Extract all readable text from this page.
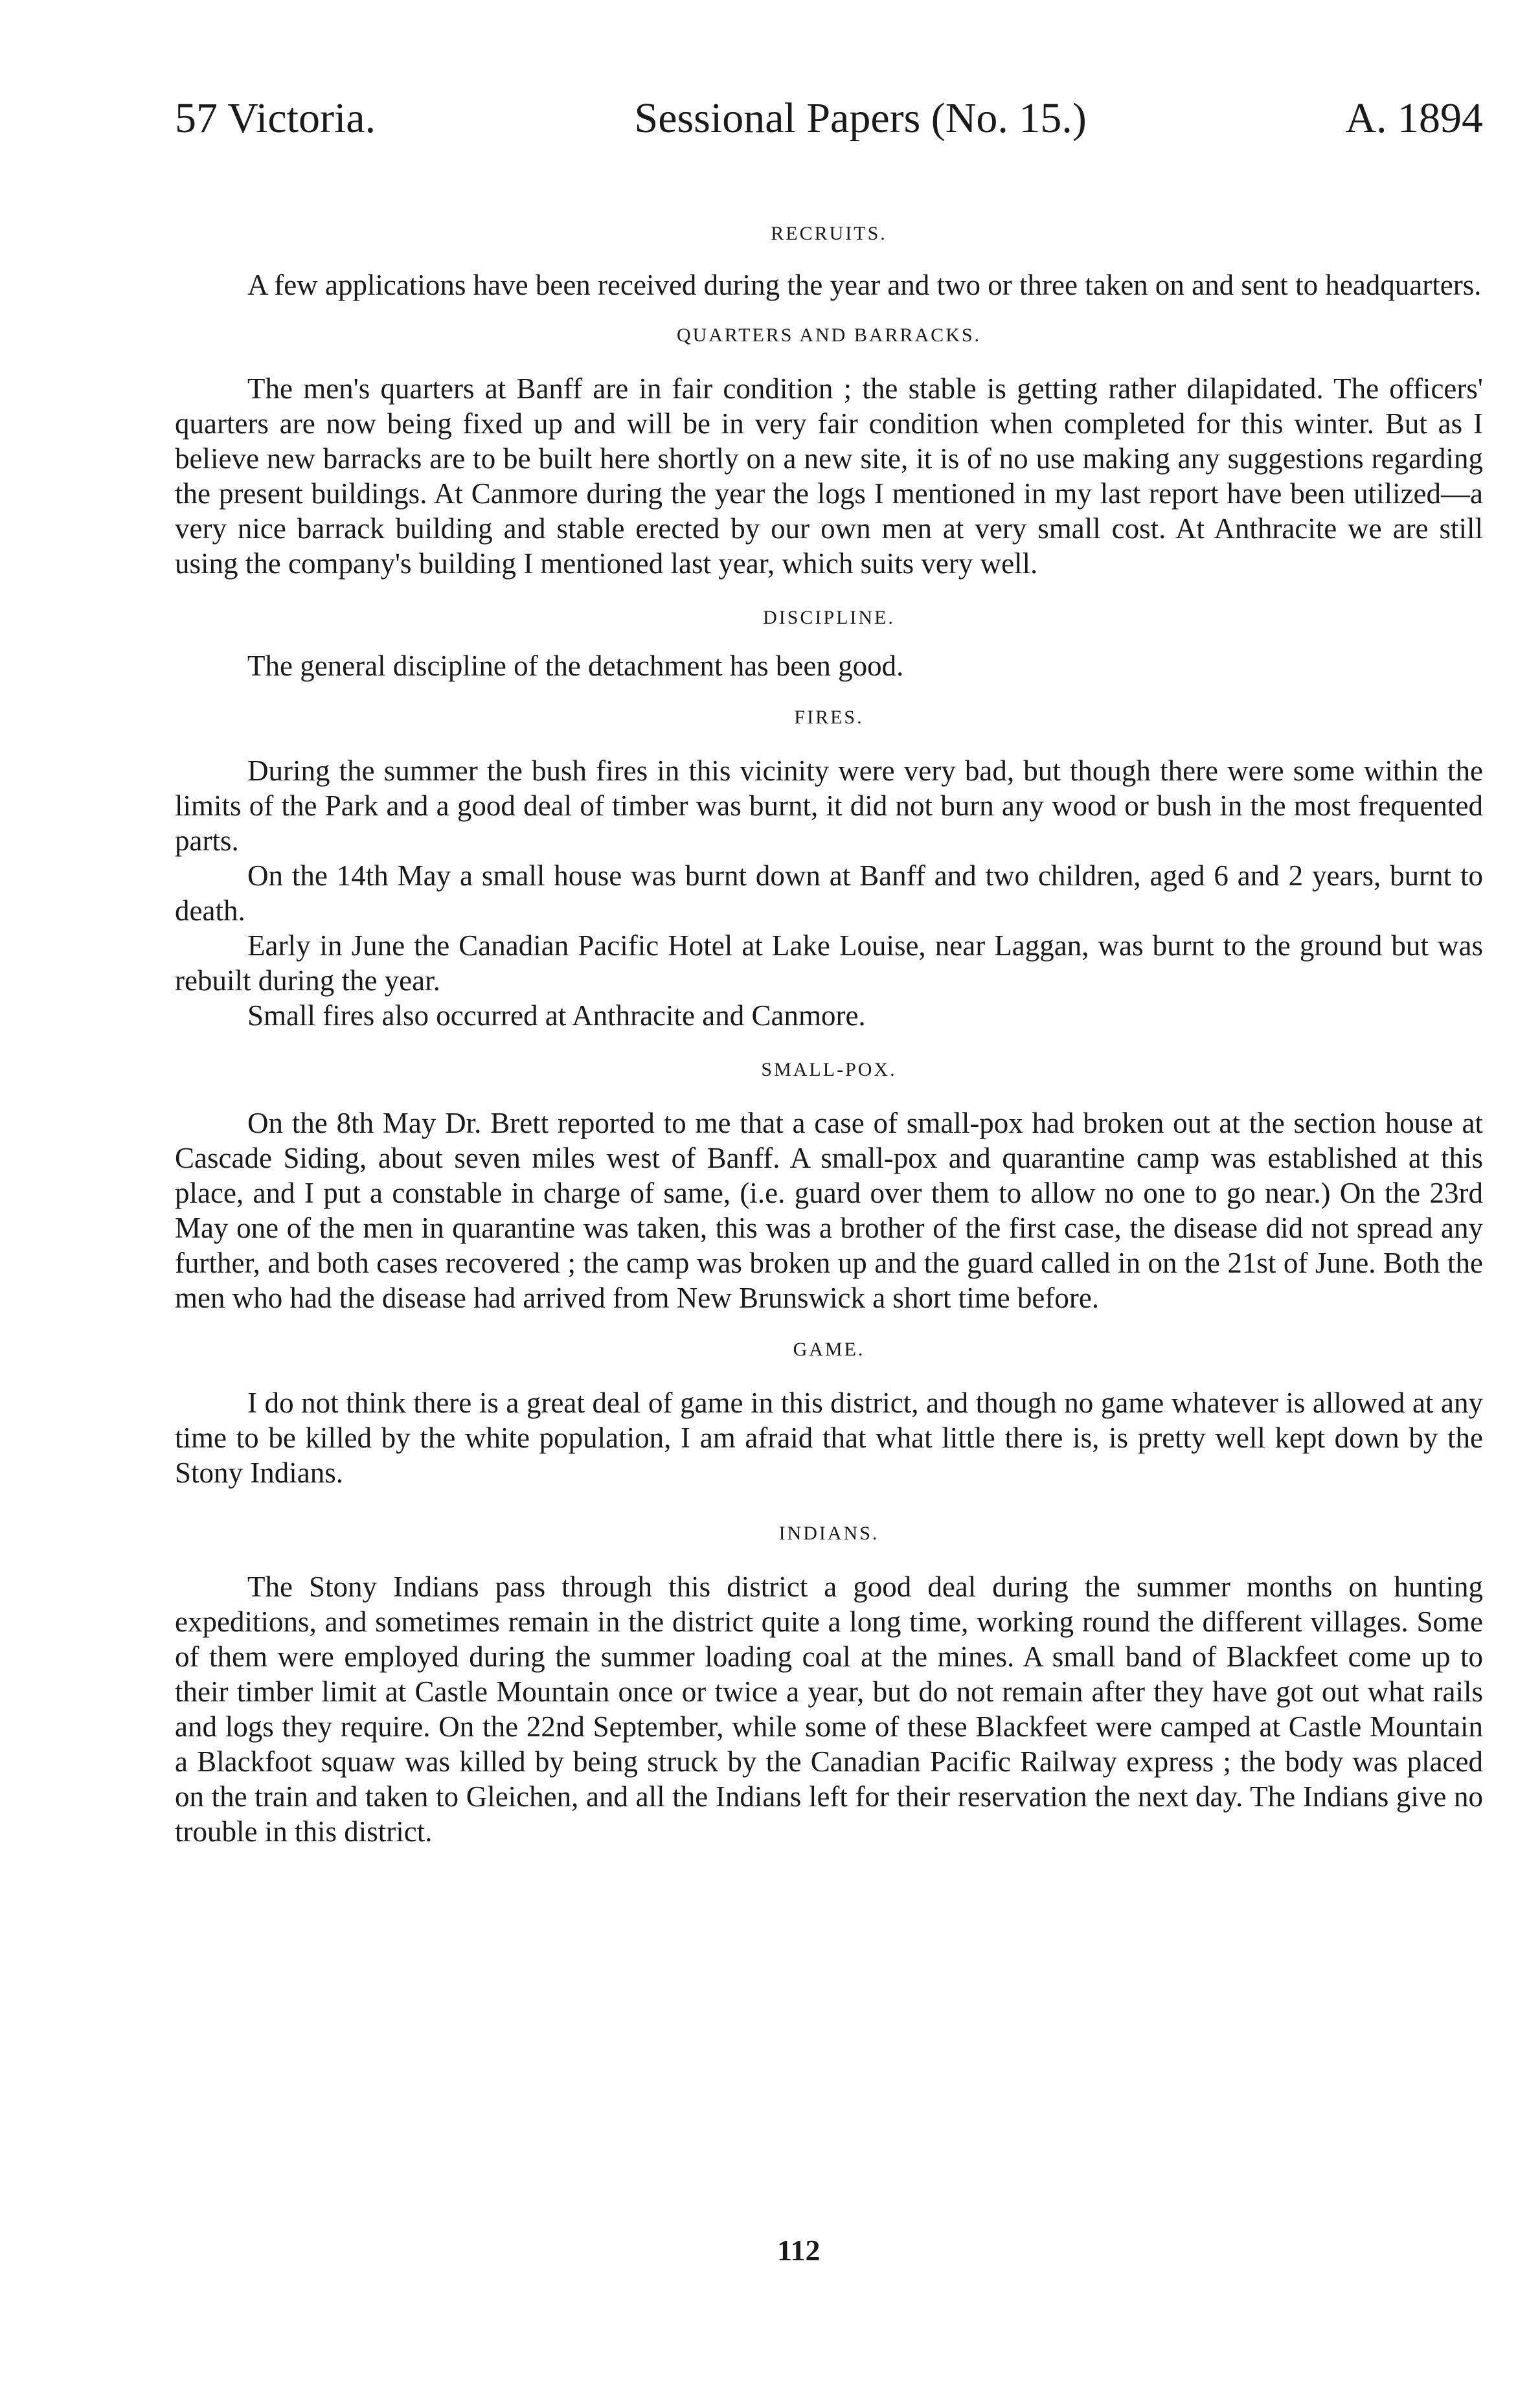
57 Victoria.	Sessional Papers (No. 15.)	A. 1894
RECRUITS.

A few applications have been received during the year and two or three taken on and sent to headquarters.

QUARTERS AND BARRACKS.

The men's quarters at Banff are in fair condition ; the stable is getting rather dilapidated. The officers' quarters are now being fixed up and will be in very fair condition when completed for this winter. But as I believe new barracks are to be built here shortly on a new site, it is of no use making any suggestions regarding the present buildings. At Canmore during the year the logs I mentioned in my last report have been utilized—a very nice barrack building and stable erected by our own men at very small cost. At Anthracite we are still using the company's building I mentioned last year, which suits very well.

DISCIPLINE.

The general discipline of the detachment has been good.

FIRES.

During the summer the bush fires in this vicinity were very bad, but though there were some within the limits of the Park and a good deal of timber was burnt, it did not burn any wood or bush in the most frequented parts.

On the 14th May a small house was burnt down at Banff and two children, aged 6 and 2 years, burnt to death.

Early in June the Canadian Pacific Hotel at Lake Louise, near Laggan, was burnt to the ground but was rebuilt during the year.

Small fires also occurred at Anthracite and Canmore.

SMALL-POX.

On the 8th May Dr. Brett reported to me that a case of small-pox had broken out at the section house at Cascade Siding, about seven miles west of Banff. A small-pox and quarantine camp was established at this place, and I put a constable in charge of same, (i.e. guard over them to allow no one to go near.) On the 23rd May one of the men in quarantine was taken, this was a brother of the first case, the disease did not spread any further, and both cases recovered ; the camp was broken up and the guard called in on the 21st of June. Both the men who had the disease had arrived from New Brunswick a short time before.

GAME.

I do not think there is a great deal of game in this district, and though no game whatever is allowed at any time to be killed by the white population, I am afraid that what little there is, is pretty well kept down by the Stony Indians.

INDIANS.

The Stony Indians pass through this district a good deal during the summer months on hunting expeditions, and sometimes remain in the district quite a long time, working round the different villages. Some of them were employed during the summer loading coal at the mines. A small band of Blackfeet come up to their timber limit at Castle Mountain once or twice a year, but do not remain after they have got out what rails and logs they require. On the 22nd September, while some of these Blackfeet were camped at Castle Mountain a Blackfoot squaw was killed by being struck by the Canadian Pacific Railway express ; the body was placed on the train and taken to Gleichen, and all the Indians left for their reservation the next day. The Indians give no trouble in this district.

112
